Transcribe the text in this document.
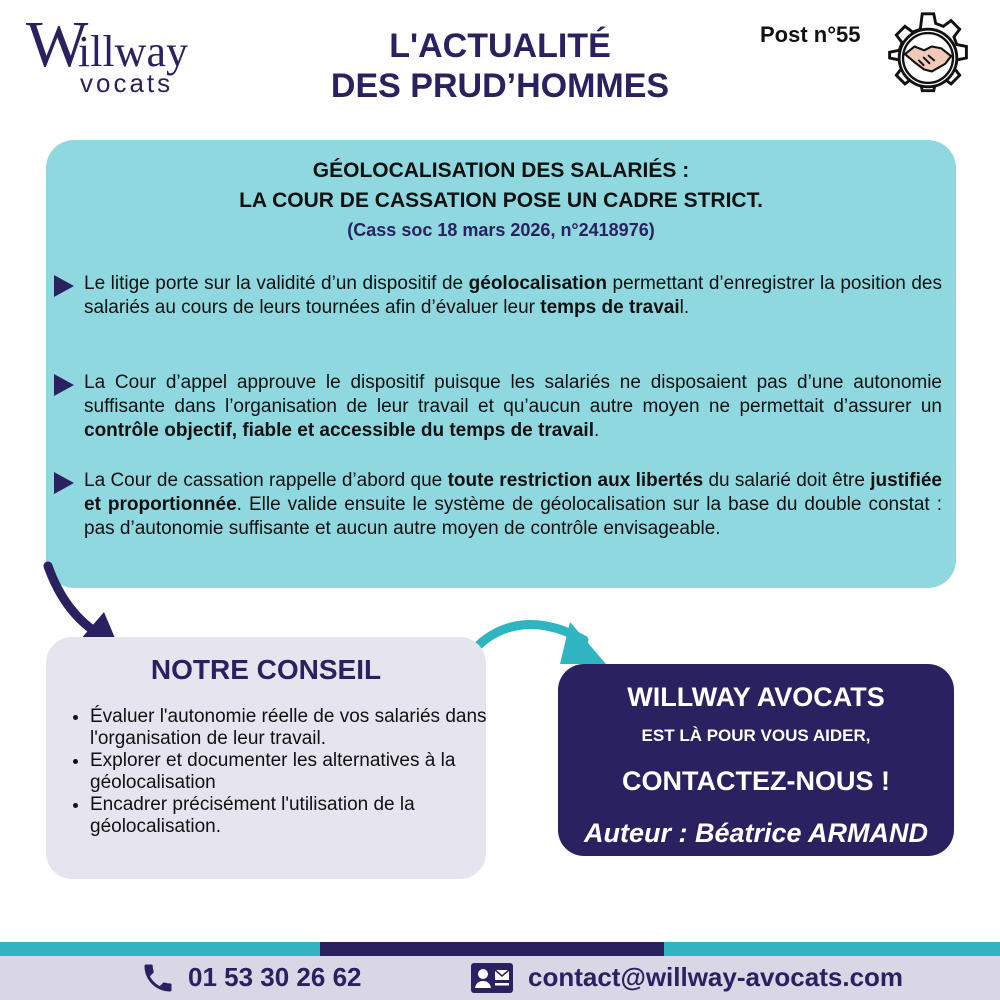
W
illway
vocats
L'ACTUALITÉ
DES PRUD’HOMMES
Post n°55
GÉOLOCALISATION DES SALARIÉS :
LA COUR DE CASSATION POSE UN CADRE STRICT.
(Cass soc 18 mars 2026, n°2418976)
Le litige porte sur la validité d’un dispositif de géolocalisation permettant d’enregistrer la position des salariés au cours de leurs tournées afin d’évaluer leur temps de travail.
La Cour d’appel approuve le dispositif puisque les salariés ne disposaient pas d’une autonomie suffisante dans l’organisation de leur travail et qu’aucun autre moyen ne permettait d’assurer un contrôle objectif, fiable et accessible du temps de travail.
La Cour de cassation rappelle d’abord que toute restriction aux libertés du salarié doit être justifiée et proportionnée. Elle valide ensuite le système de géolocalisation sur la base du double constat : pas d’autonomie suffisante et aucun autre moyen de contrôle envisageable.
NOTRE CONSEIL
• Évaluer l'autonomie réelle de vos salariés dans l'organisation de leur travail.
• Explorer et documenter les alternatives à la géolocalisation
• Encadrer précisément l'utilisation de la géolocalisation.
WILLWAY AVOCATS
EST LÀ POUR VOUS AIDER,
CONTACTEZ-NOUS !
Auteur : Béatrice ARMAND
01 53 30 26 62	contact@willway-avocats.com
